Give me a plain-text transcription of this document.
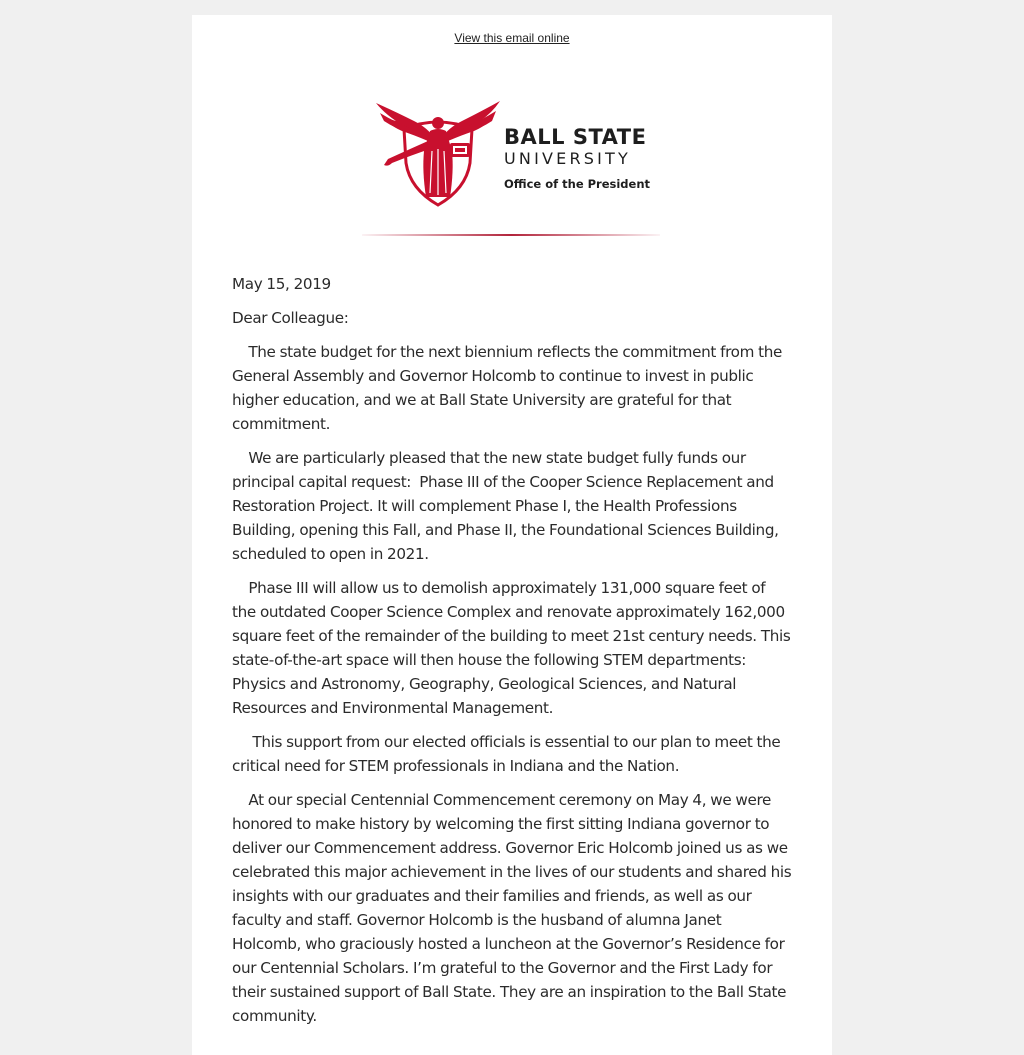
View this email online
BALL STATE
UNIVERSITY
Office of the President

May 15, 2019

Dear Colleague:

The state budget for the next biennium reflects the commitment from the General Assembly and Governor Holcomb to continue to invest in public higher education, and we at Ball State University are grateful for that commitment.

We are particularly pleased that the new state budget fully funds our principal capital request:  Phase III of the Cooper Science Replacement and Restoration Project. It will complement Phase I, the Health Professions Building, opening this Fall, and Phase II, the Foundational Sciences Building, scheduled to open in 2021.

Phase III will allow us to demolish approximately 131,000 square feet of the outdated Cooper Science Complex and renovate approximately 162,000 square feet of the remainder of the building to meet 21st century needs. This state-of-the-art space will then house the following STEM departments: Physics and Astronomy, Geography, Geological Sciences, and Natural Resources and Environmental Management.

This support from our elected officials is essential to our plan to meet the critical need for STEM professionals in Indiana and the Nation.

At our special Centennial Commencement ceremony on May 4, we were honored to make history by welcoming the first sitting Indiana governor to deliver our Commencement address. Governor Eric Holcomb joined us as we celebrated this major achievement in the lives of our students and shared his insights with our graduates and their families and friends, as well as our faculty and staff. Governor Holcomb is the husband of alumna Janet Holcomb, who graciously hosted a luncheon at the Governor’s Residence for our Centennial Scholars. I’m grateful to the Governor and the First Lady for their sustained support of Ball State. They are an inspiration to the Ball State community.
